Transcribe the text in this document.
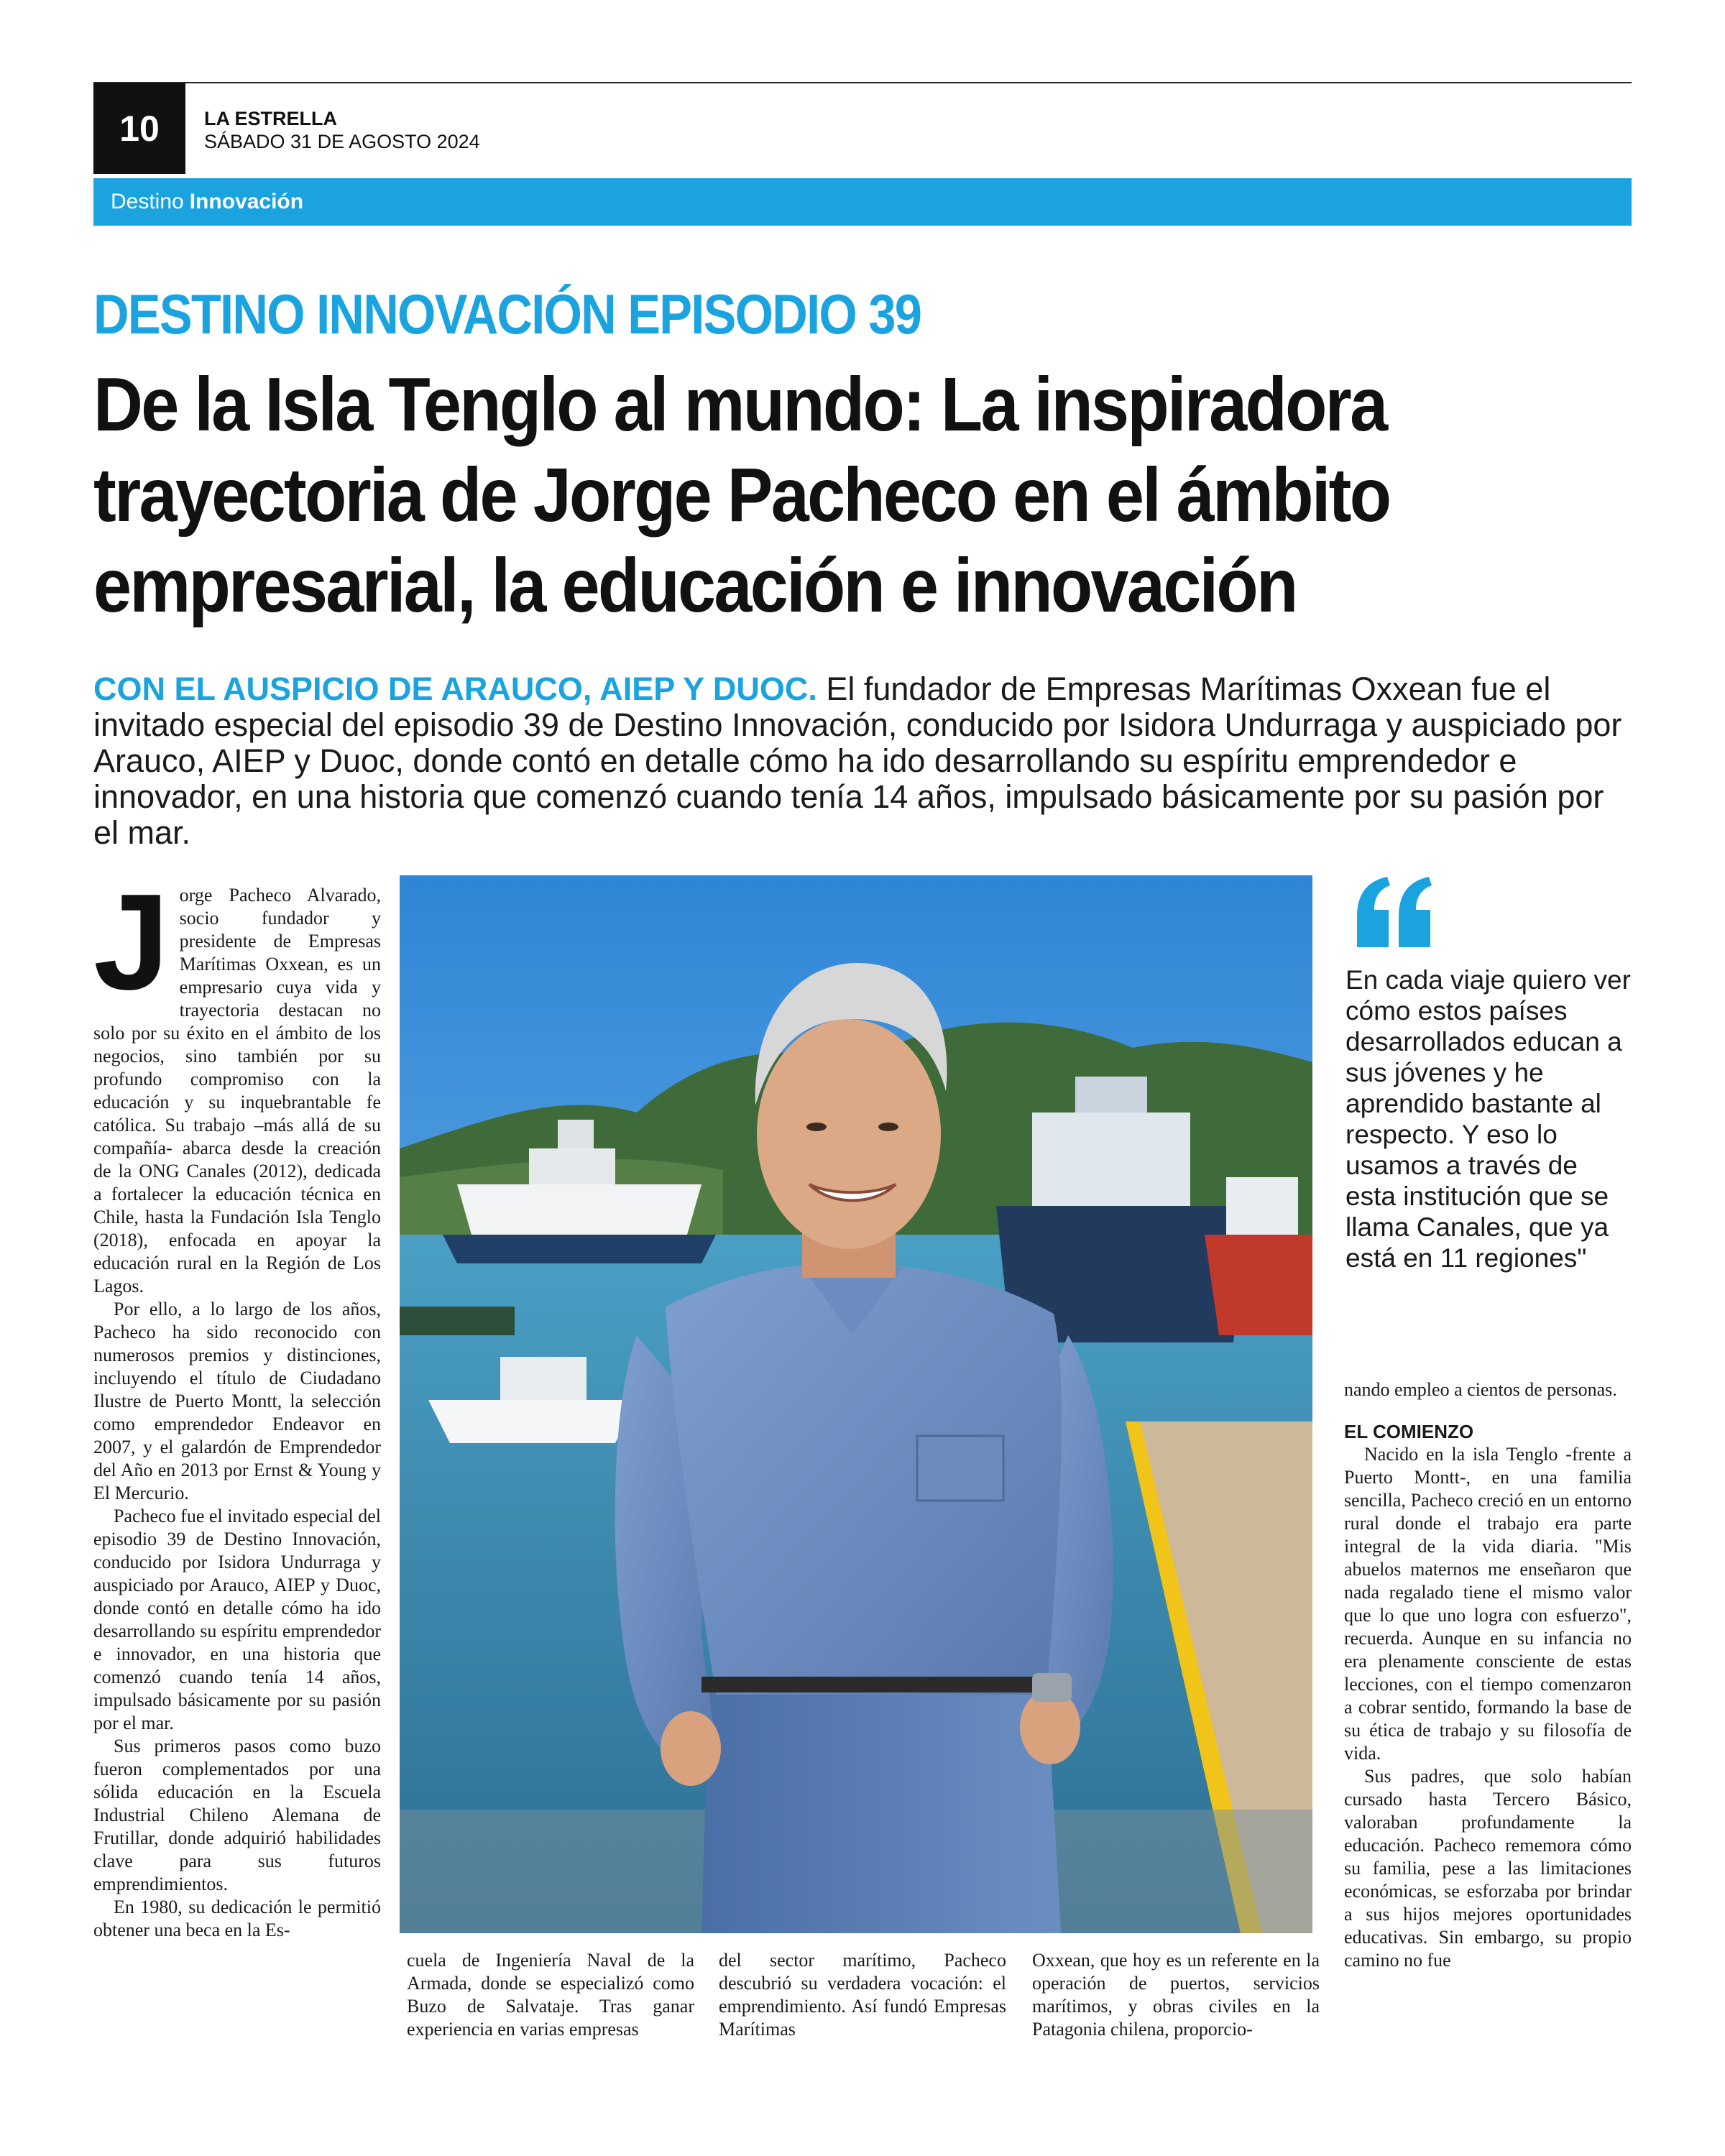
10	LA ESTRELLA
SÁBADO 31 DE AGOSTO 2024
Destino Innovación
DESTINO INNOVACIÓN EPISODIO 39
De la Isla Tenglo al mundo: La inspiradora
trayectoria de Jorge Pacheco en el ámbito
empresarial, la educación e innovación
CON EL AUSPICIO DE ARAUCO, AIEP Y DUOC. El fundador de Empresas Marítimas Oxxean fue el invitado especial del episodio 39 de Destino Innovación, conducido por Isidora Undurraga y auspiciado por Arauco, AIEP y Duoc, donde contó en detalle cómo ha ido desarrollando su espíritu emprendedor e innovador, en una historia que comenzó cuando tenía 14 años, impulsado básicamente por su pasión por el mar.

Jorge Pacheco Alvarado, socio fundador y presidente de Empresas Marítimas Oxxean, es un empresario cuya vida y trayectoria destacan no solo por su éxito en el ámbito de los negocios, sino también por su profundo compromiso con la educación y su inquebrantable fe católica. Su trabajo –más allá de su compañía- abarca desde la creación de la ONG Canales (2012), dedicada a fortalecer la educación técnica en Chile, hasta la Fundación Isla Tenglo (2018), enfocada en apoyar la educación rural en la Región de Los Lagos.

Por ello, a lo largo de los años, Pacheco ha sido reconocido con numerosos premios y distinciones, incluyendo el título de Ciudadano Ilustre de Puerto Montt, la selección como emprendedor Endeavor en 2007, y el galardón de Emprendedor del Año en 2013 por Ernst & Young y El Mercurio.

Pacheco fue el invitado especial del episodio 39 de Destino Innovación, conducido por Isidora Undurraga y auspiciado por Arauco, AIEP y Duoc, donde contó en detalle cómo ha ido desarrollando su espíritu emprendedor e innovador, en una historia que comenzó cuando tenía 14 años, impulsado básicamente por su pasión por el mar.

Sus primeros pasos como buzo fueron complementados por una sólida educación en la Escuela Industrial Chileno Alemana de Frutillar, donde adquirió habilidades clave para sus futuros emprendimientos.

En 1980, su dedicación le permitió obtener una beca en la Es-

En cada viaje quiero ver cómo estos países desarrollados educan a sus jóvenes y he aprendido bastante al respecto. Y eso lo usamos a través de esta institución que se llama Canales, que ya está en 11 regiones"

nando empleo a cientos de personas.

EL COMIENZO

Nacido en la isla Tenglo -frente a Puerto Montt-, en una familia sencilla, Pacheco creció en un entorno rural donde el trabajo era parte integral de la vida diaria. "Mis abuelos maternos me enseñaron que nada regalado tiene el mismo valor que lo que uno logra con esfuerzo", recuerda. Aunque en su infancia no era plenamente consciente de estas lecciones, con el tiempo comenzaron a cobrar sentido, formando la base de su ética de trabajo y su filosofía de vida.

Sus padres, que solo habían cursado hasta Tercero Básico, valoraban profundamente la educación. Pacheco rememora cómo su familia, pese a las limitaciones económicas, se esforzaba por brindar a sus hijos mejores oportunidades educativas. Sin embargo, su propio camino no fue

cuela de Ingeniería Naval de la Armada, donde se especializó como Buzo de Salvataje. Tras ganar experiencia en varias empresas

del sector marítimo, Pacheco descubrió su verdadera vocación: el emprendimiento. Así fundó Empresas Marítimas

Oxxean, que hoy es un referente en la operación de puertos, servicios marítimos, y obras civiles en la Patagonia chilena, proporcio-
